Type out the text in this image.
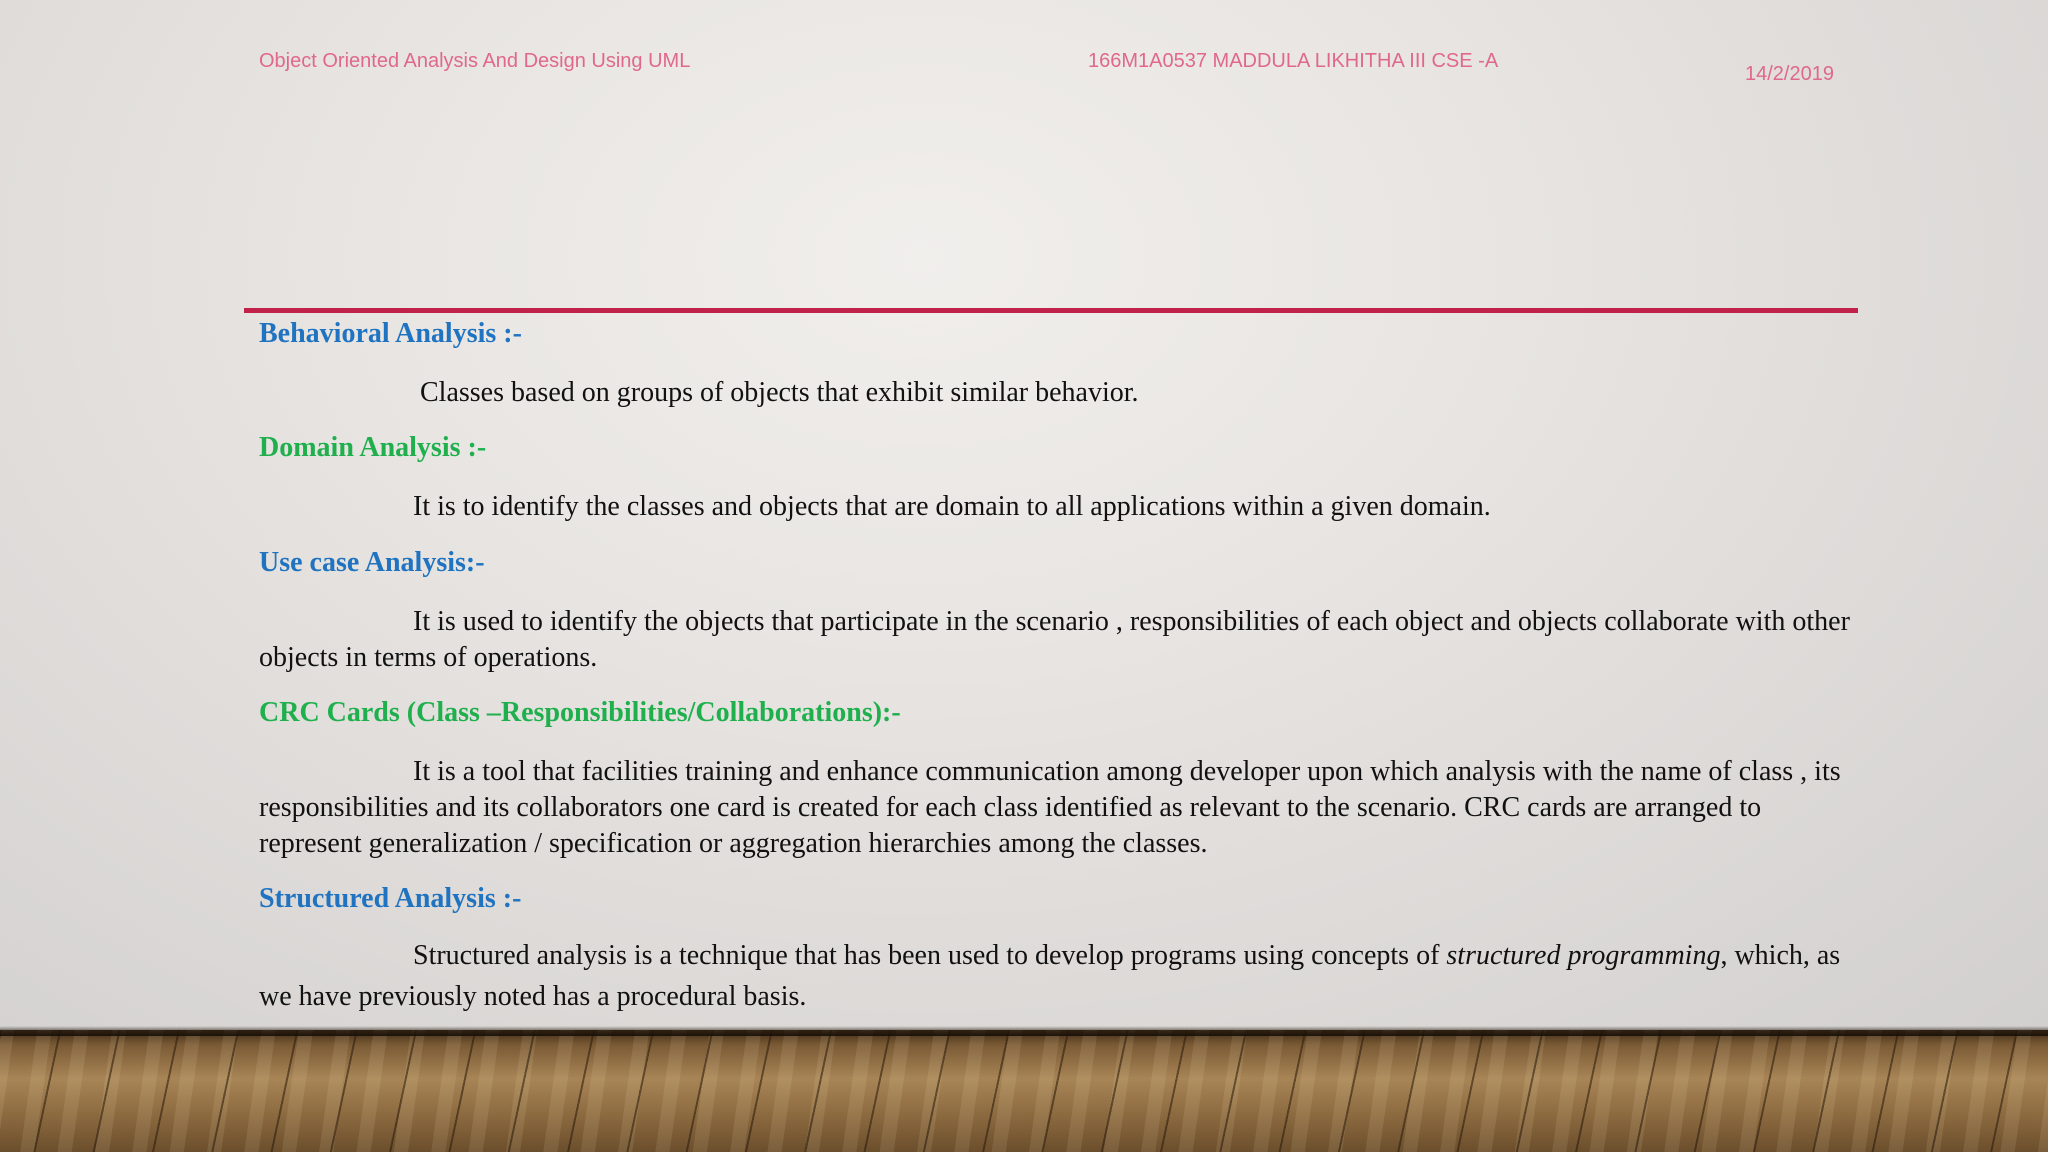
Object Oriented Analysis And Design Using UML	166M1A0537 MADDULA LIKHITHA III CSE -A
14/2/2019
Behavioral Analysis :-
Classes based on groups of objects that exhibit similar behavior.
Domain Analysis :-
It is to identify the classes and objects that are domain to all applications within a given domain.
Use case Analysis:-
It is used to identify the objects that participate in the scenario , responsibilities of each object and objects collaborate with other objects in terms of operations.
CRC Cards (Class –Responsibilities/Collaborations):-
It is a tool that facilities training and enhance communication among developer upon which analysis with the name of class , its responsibilities and its collaborators one card is created for each class identified as relevant to the scenario. CRC cards are arranged to represent generalization / specification or aggregation hierarchies among the classes.
Structured Analysis :-
Structured analysis is a technique that has been used to develop programs using concepts of structured programming, which, as we have previously noted has a procedural basis.
